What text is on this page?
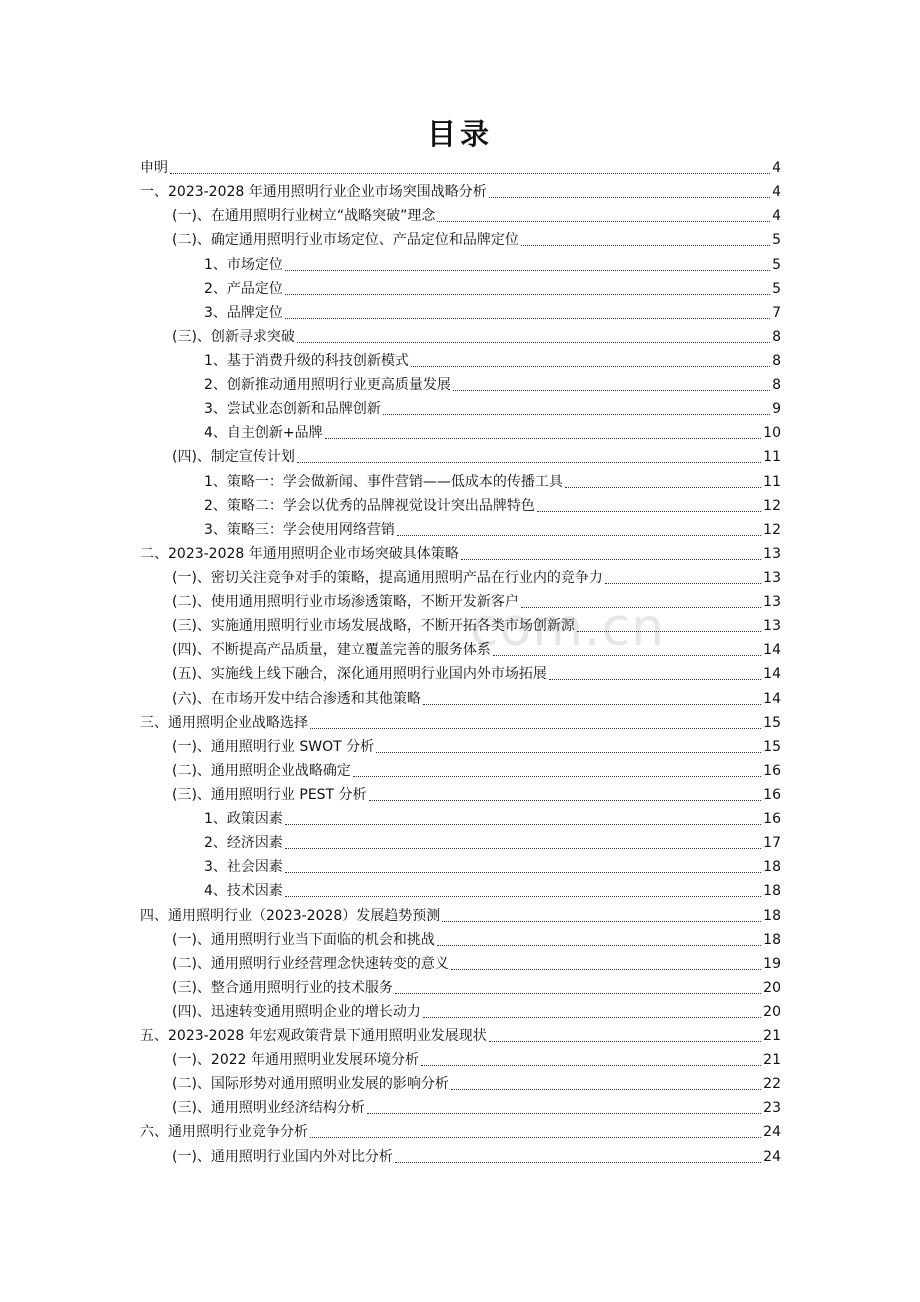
com.cn
目录
申明	4
一、2023-2028 年通用照明行业企业市场突围战略分析	4
(一)、在通用照明行业树立“战略突破”理念	4
(二)、确定通用照明行业市场定位、产品定位和品牌定位	5
1、市场定位	5
2、产品定位	5
3、品牌定位	7
(三)、创新寻求突破	8
1、基于消费升级的科技创新模式	8
2、创新推动通用照明行业更高质量发展	8
3、尝试业态创新和品牌创新	9
4、自主创新+品牌	10
(四)、制定宣传计划	11
1、策略一：学会做新闻、事件营销——低成本的传播工具	11
2、策略二：学会以优秀的品牌视觉设计突出品牌特色	12
3、策略三：学会使用网络营销	12
二、2023-2028 年通用照明企业市场突破具体策略	13
(一)、密切关注竞争对手的策略，提高通用照明产品在行业内的竞争力	13
(二)、使用通用照明行业市场渗透策略，不断开发新客户	13
(三)、实施通用照明行业市场发展战略，不断开拓各类市场创新源	13
(四)、不断提高产品质量，建立覆盖完善的服务体系	14
(五)、实施线上线下融合，深化通用照明行业国内外市场拓展	14
(六)、在市场开发中结合渗透和其他策略	14
三、通用照明企业战略选择	15
(一)、通用照明行业 SWOT 分析	15
(二)、通用照明企业战略确定	16
(三)、通用照明行业 PEST 分析	16
1、政策因素	16
2、经济因素	17
3、社会因素	18
4、技术因素	18
四、通用照明行业（2023-2028）发展趋势预测	18
(一)、通用照明行业当下面临的机会和挑战	18
(二)、通用照明行业经营理念快速转变的意义	19
(三)、整合通用照明行业的技术服务	20
(四)、迅速转变通用照明企业的增长动力	20
五、2023-2028 年宏观政策背景下通用照明业发展现状	21
(一)、2022 年通用照明业发展环境分析	21
(二)、国际形势对通用照明业发展的影响分析	22
(三)、通用照明业经济结构分析	23
六、通用照明行业竞争分析	24
(一)、通用照明行业国内外对比分析	24
